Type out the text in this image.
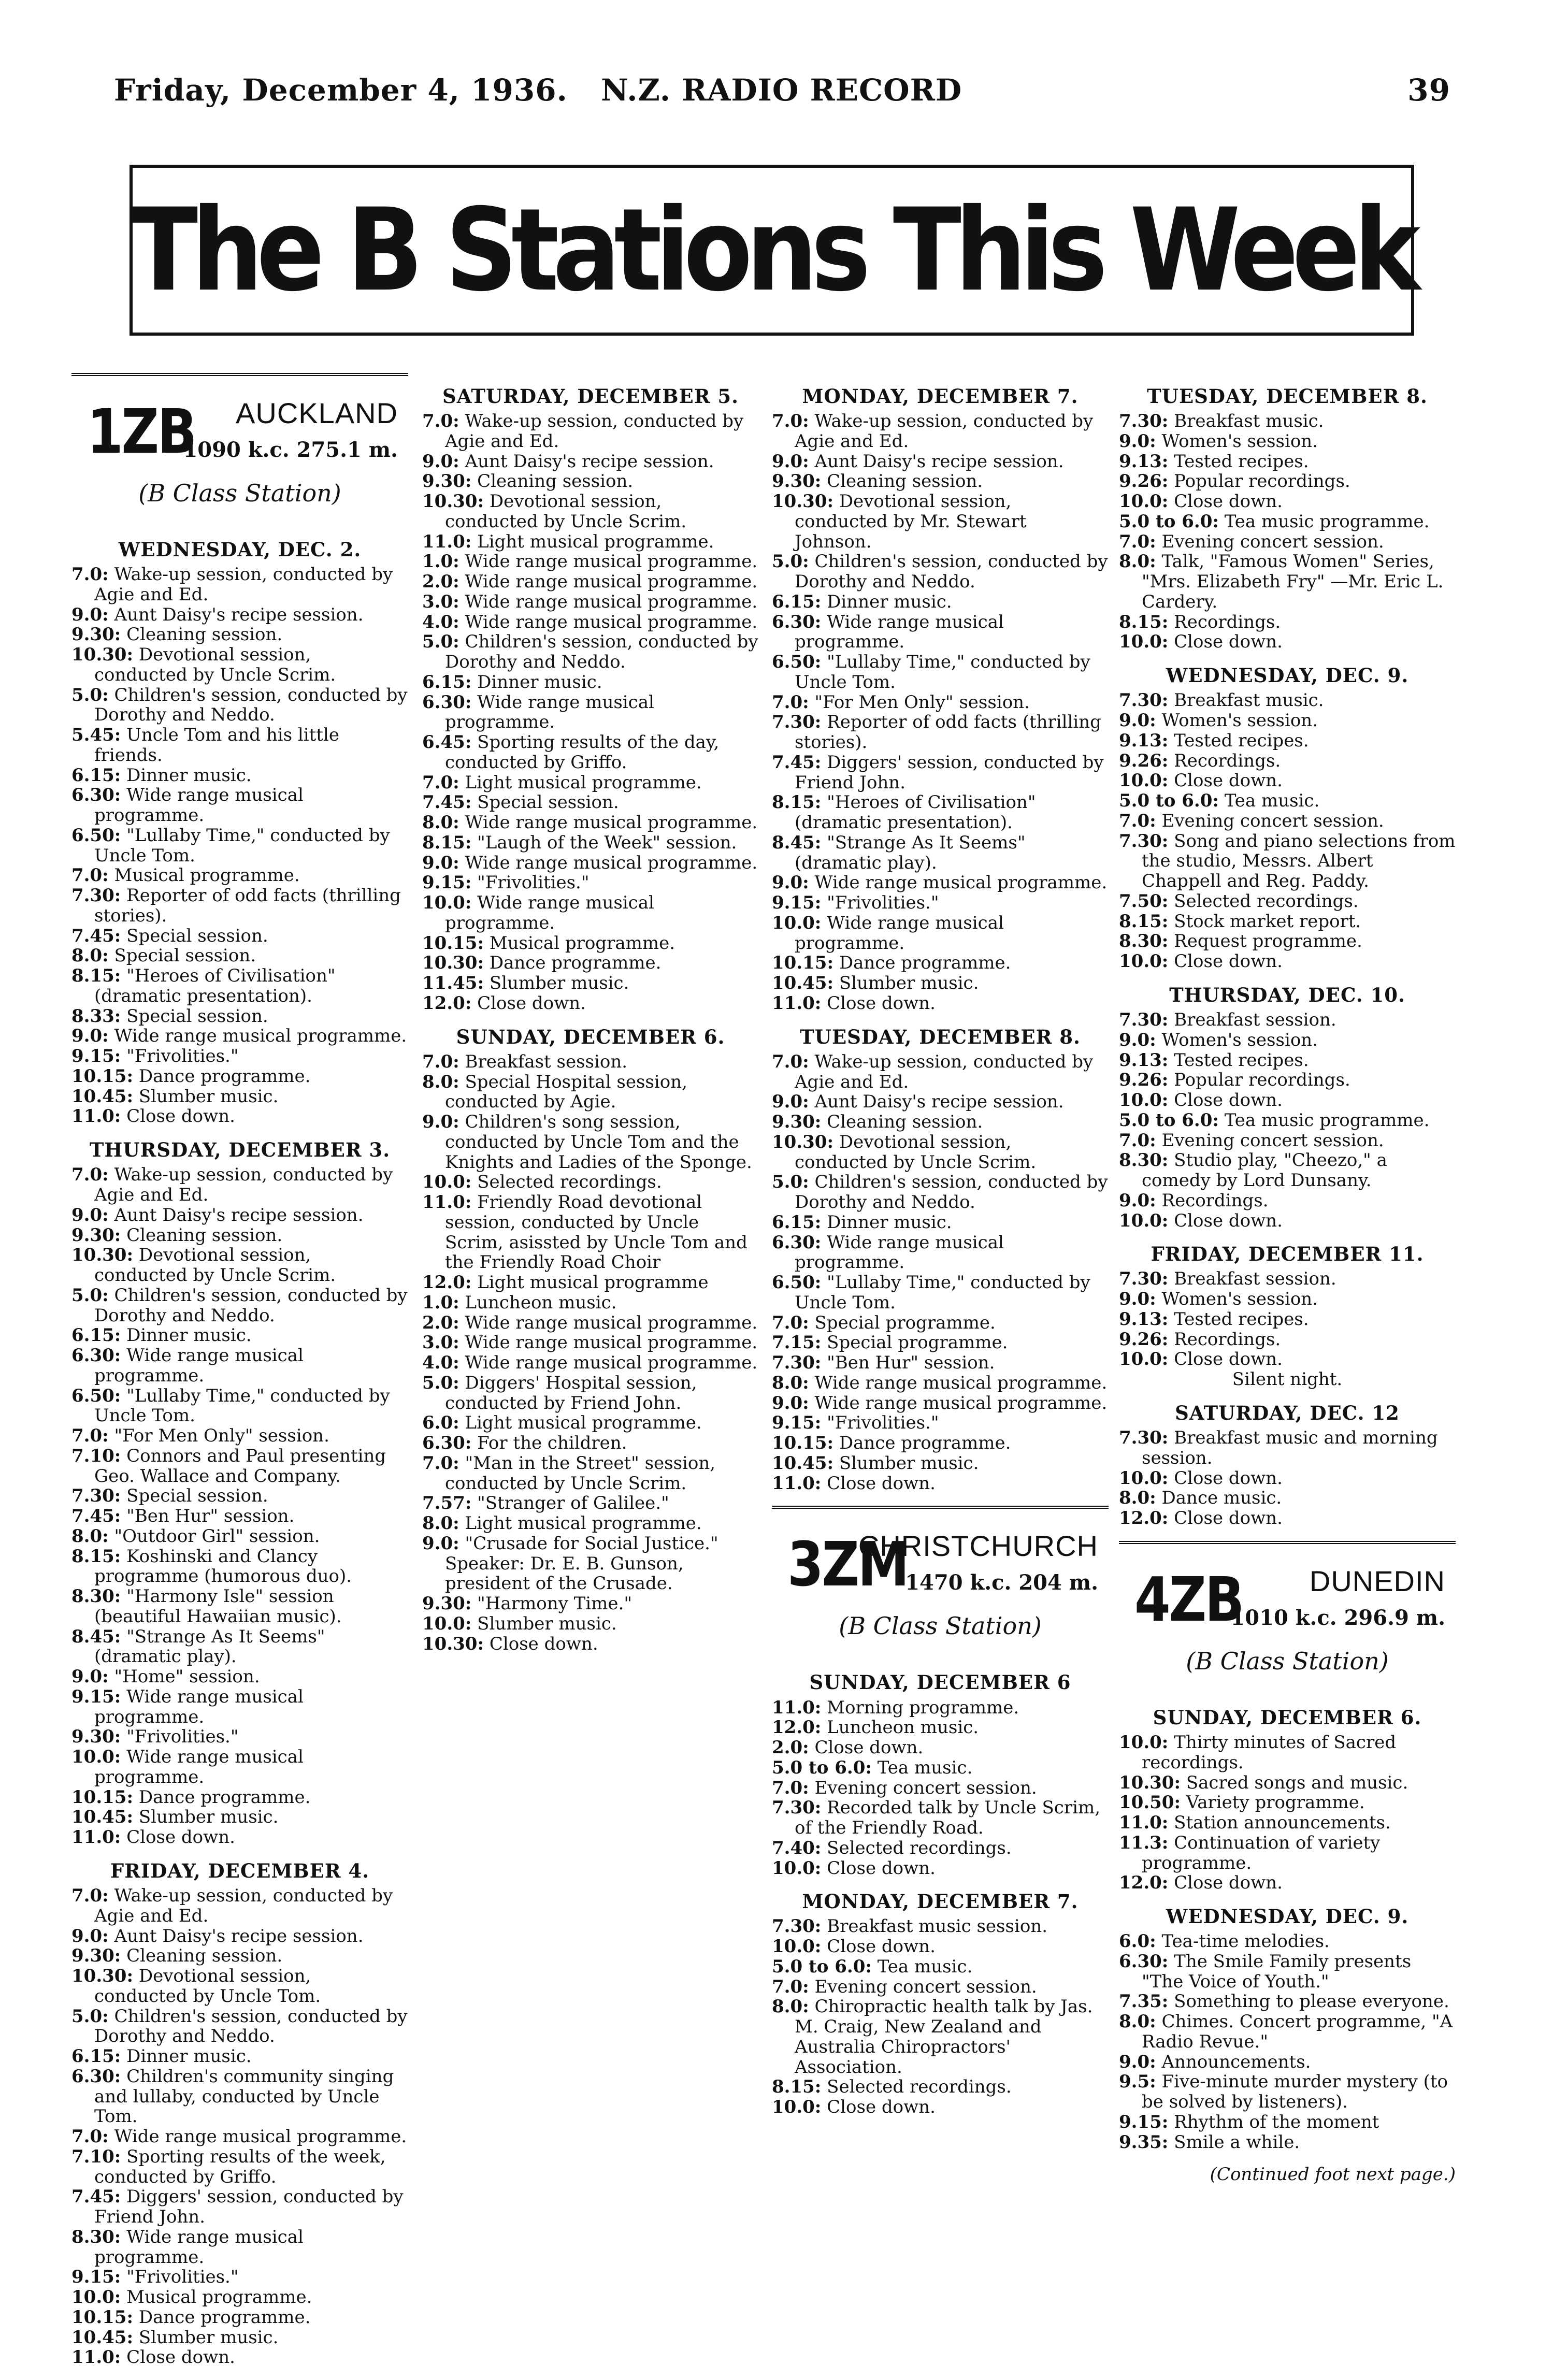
Friday, December 4, 1936. N.Z. RADIO RECORD	39
The B Stations This Week
1ZB AUCKLAND
1090 k.c. 275.1 m.
(B Class Station)
WEDNESDAY, DEC. 2.

7.0: Wake-up session, conducted by Agie and Ed.

9.0: Aunt Daisy's recipe session.

9.30: Cleaning session.

10.30: Devotional session, conducted by Uncle Scrim.

5.0: Children's session, conducted by Dorothy and Neddo.

5.45: Uncle Tom and his little friends.

6.15: Dinner music.

6.30: Wide range musical programme.

6.50: "Lullaby Time," conducted by Uncle Tom.

7.0: Musical programme.

7.30: Reporter of odd facts (thrilling stories).

7.45: Special session.

8.0: Special session.

8.15: "Heroes of Civilisation" (dramatic presentation).

8.33: Special session.

9.0: Wide range musical programme.

9.15: "Frivolities."

10.15: Dance programme.

10.45: Slumber music.

11.0: Close down.

THURSDAY, DECEMBER 3.

7.0: Wake-up session, conducted by Agie and Ed.

9.0: Aunt Daisy's recipe session.

9.30: Cleaning session.

10.30: Devotional session, conducted by Uncle Scrim.

5.0: Children's session, conducted by Dorothy and Neddo.

6.15: Dinner music.

6.30: Wide range musical programme.

6.50: "Lullaby Time," conducted by Uncle Tom.

7.0: "For Men Only" session.

7.10: Connors and Paul presenting Geo. Wallace and Company.

7.30: Special session.

7.45: "Ben Hur" session.

8.0: "Outdoor Girl" session.

8.15: Koshinski and Clancy programme (humorous duo).

8.30: "Harmony Isle" session (beautiful Hawaiian music).

8.45: "Strange As It Seems" (dramatic play).

9.0: "Home" session.

9.15: Wide range musical programme.

9.30: "Frivolities."

10.0: Wide range musical programme.

10.15: Dance programme.

10.45: Slumber music.

11.0: Close down.

FRIDAY, DECEMBER 4.

7.0: Wake-up session, conducted by Agie and Ed.

9.0: Aunt Daisy's recipe session.

9.30: Cleaning session.

10.30: Devotional session, conducted by Uncle Tom.

5.0: Children's session, conducted by Dorothy and Neddo.

6.15: Dinner music.

6.30: Children's community singing and lullaby, conducted by Uncle Tom.

7.0: Wide range musical programme.

7.10: Sporting results of the week, conducted by Griffo.

7.45: Diggers' session, conducted by Friend John.

8.30: Wide range musical programme.

9.15: "Frivolities."

10.0: Musical programme.

10.15: Dance programme.

10.45: Slumber music.

11.0: Close down.

SATURDAY, DECEMBER 5.

7.0: Wake-up session, conducted by Agie and Ed.

9.0: Aunt Daisy's recipe session.

9.30: Cleaning session.

10.30: Devotional session, conducted by Uncle Scrim.

11.0: Light musical programme.

1.0: Wide range musical programme.

2.0: Wide range musical programme.

3.0: Wide range musical programme.

4.0: Wide range musical programme.

5.0: Children's session, conducted by Dorothy and Neddo.

6.15: Dinner music.

6.30: Wide range musical programme.

6.45: Sporting results of the day, conducted by Griffo.

7.0: Light musical programme.

7.45: Special session.

8.0: Wide range musical programme.

8.15: "Laugh of the Week" session.

9.0: Wide range musical programme.

9.15: "Frivolities."

10.0: Wide range musical programme.

10.15: Musical programme.

10.30: Dance programme.

11.45: Slumber music.

12.0: Close down.

SUNDAY, DECEMBER 6.

7.0: Breakfast session.

8.0: Special Hospital session, conducted by Agie.

9.0: Children's song session, conducted by Uncle Tom and the Knights and Ladies of the Sponge.

10.0: Selected recordings.

11.0: Friendly Road devotional session, conducted by Uncle Scrim, asissted by Uncle Tom and the Friendly Road Choir

12.0: Light musical programme

1.0: Luncheon music.

2.0: Wide range musical programme.

3.0: Wide range musical programme.

4.0: Wide range musical programme.

5.0: Diggers' Hospital session, conducted by Friend John.

6.0: Light musical programme.

6.30: For the children.

7.0: "Man in the Street" session, conducted by Uncle Scrim.

7.57: "Stranger of Galilee."

8.0: Light musical programme.

9.0: "Crusade for Social Justice." Speaker: Dr. E. B. Gunson, president of the Crusade.

9.30: "Harmony Time."

10.0: Slumber music.

10.30: Close down.

MONDAY, DECEMBER 7.

7.0: Wake-up session, conducted by Agie and Ed.

9.0: Aunt Daisy's recipe session.

9.30: Cleaning session.

10.30: Devotional session, conducted by Mr. Stewart Johnson.

5.0: Children's session, conducted by Dorothy and Neddo.

6.15: Dinner music.

6.30: Wide range musical programme.

6.50: "Lullaby Time," conducted by Uncle Tom.

7.0: "For Men Only" session.

7.30: Reporter of odd facts (thrilling stories).

7.45: Diggers' session, conducted by Friend John.

8.15: "Heroes of Civilisation" (dramatic presentation).

8.45: "Strange As It Seems" (dramatic play).

9.0: Wide range musical programme.

9.15: "Frivolities."

10.0: Wide range musical programme.

10.15: Dance programme.

10.45: Slumber music.

11.0: Close down.

TUESDAY, DECEMBER 8.

7.0: Wake-up session, conducted by Agie and Ed.

9.0: Aunt Daisy's recipe session.

9.30: Cleaning session.

10.30: Devotional session, conducted by Uncle Scrim.

5.0: Children's session, conducted by Dorothy and Neddo.

6.15: Dinner music.

6.30: Wide range musical programme.

6.50: "Lullaby Time," conducted by Uncle Tom.

7.0: Special programme.

7.15: Special programme.

7.30: "Ben Hur" session.

8.0: Wide range musical programme.

9.0: Wide range musical programme.

9.15: "Frivolities."

10.15: Dance programme.

10.45: Slumber music.

11.0: Close down.

3ZM
CHRISTCHURCH
1470 k.c. 204 m.
(B Class Station)
SUNDAY, DECEMBER 6

11.0: Morning programme.

12.0: Luncheon music.

2.0: Close down.

5.0 to 6.0: Tea music.

7.0: Evening concert session.

7.30: Recorded talk by Uncle Scrim, of the Friendly Road.

7.40: Selected recordings.

10.0: Close down.

MONDAY, DECEMBER 7.

7.30: Breakfast music session.

10.0: Close down.

5.0 to 6.0: Tea music.

7.0: Evening concert session.

8.0: Chiropractic health talk by Jas. M. Craig, New Zealand and Australia Chiropractors' Association.

8.15: Selected recordings.

10.0: Close down.

TUESDAY, DECEMBER 8.

7.30: Breakfast music.

9.0: Women's session.

9.13: Tested recipes.

9.26: Popular recordings.

10.0: Close down.

5.0 to 6.0: Tea music programme.

7.0: Evening concert session.

8.0: Talk, "Famous Women" Series, "Mrs. Elizabeth Fry" —Mr. Eric L. Cardery.

8.15: Recordings.

10.0: Close down.

WEDNESDAY, DEC. 9.

7.30: Breakfast music.

9.0: Women's session.

9.13: Tested recipes.

9.26: Recordings.

10.0: Close down.

5.0 to 6.0: Tea music.

7.0: Evening concert session.

7.30: Song and piano selections from the studio, Messrs. Albert Chappell and Reg. Paddy.

7.50: Selected recordings.

8.15: Stock market report.

8.30: Request programme.

10.0: Close down.

THURSDAY, DEC. 10.

7.30: Breakfast session.

9.0: Women's session.

9.13: Tested recipes.

9.26: Popular recordings.

10.0: Close down.

5.0 to 6.0: Tea music programme.

7.0: Evening concert session.

8.30: Studio play, "Cheezo," a comedy by Lord Dunsany.

9.0: Recordings.

10.0: Close down.

FRIDAY, DECEMBER 11.

7.30: Breakfast session.

9.0: Women's session.

9.13: Tested recipes.

9.26: Recordings.

10.0: Close down.

Silent night.

SATURDAY, DEC. 12

7.30: Breakfast music and morning session.

10.0: Close down.

8.0: Dance music.

12.0: Close down.

4ZB DUNEDIN
1010 k.c. 296.9 m.
(B Class Station)
SUNDAY, DECEMBER 6.

10.0: Thirty minutes of Sacred recordings.

10.30: Sacred songs and music.

10.50: Variety programme.

11.0: Station announcements.

11.3: Continuation of variety programme.

12.0: Close down.

WEDNESDAY, DEC. 9.

6.0: Tea-time melodies.

6.30: The Smile Family presents "The Voice of Youth."

7.35: Something to please everyone.

8.0: Chimes. Concert programme, "A Radio Revue."

9.0: Announcements.

9.5: Five-minute murder mystery (to be solved by listeners).

9.15: Rhythm of the moment

9.35: Smile a while.

(Continued foot next page.)
